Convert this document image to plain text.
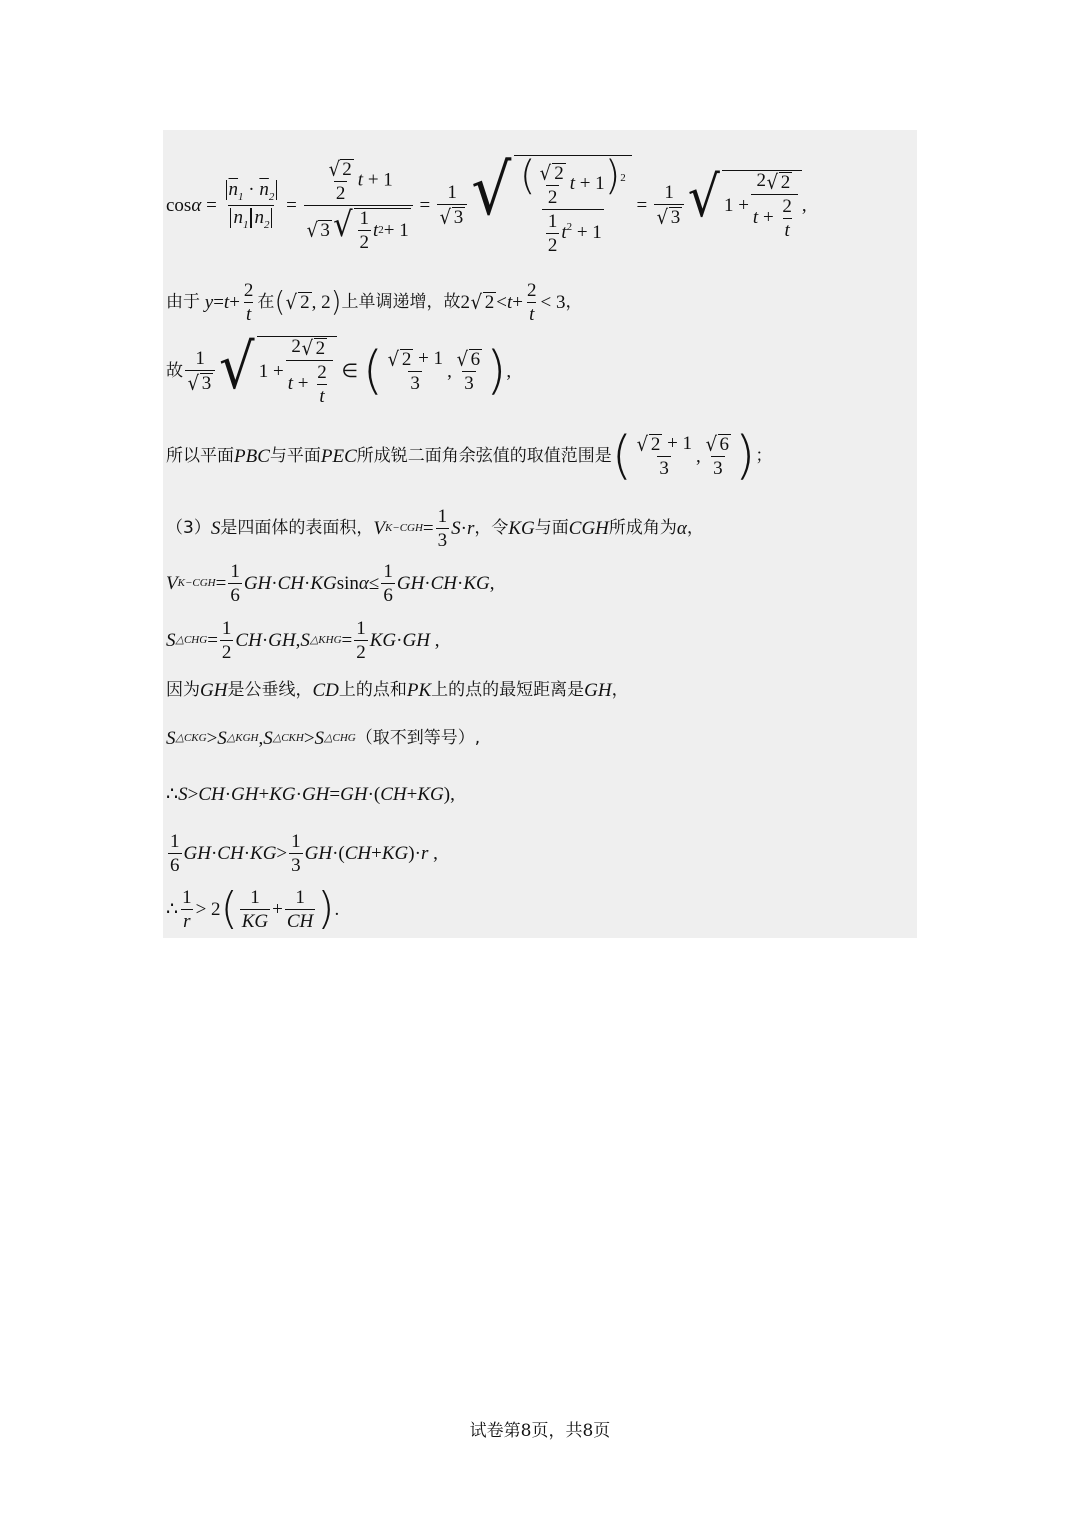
$\cos \alpha = \frac{\overline{n}_1 \cdot \overline{n}_2}{n_1 n_2} = \frac{\frac{√ 2}{2} t + 1}{√ 3 √ \frac{1}{2} t 2 + 1} = \frac{1}{√ 3}$ √ $\frac{( \frac{√ 2}{2} t + 1)^2}{\frac{1}{2} t^2 + 1} = \frac{1}{√ 3}$ √ $1 + \frac{2 √ 2}{t + \frac{2}{t}}$ ,
由于 $y = t + \frac{2}{t}$ 在 ( √ 2 , 2 ) 上单调递增，故 2 √ $2 < t + \frac{2}{t} < 3$ ，
故 $\frac{1}{√ 3}$ √ $1 + \frac{2 √ 2}{t + \frac{2}{t}}$ ∈ ( $\frac{√ 2 + 1}{3}$ , $\frac{√ 6}{3}$ ) ,
所以平面 PBC 与平面 PEC 所成锐二面角余弦值的取值范围是 ( $\frac{√ 2 + 1}{3}$ , $\frac{√ 6}{3}$ ) ；
（3） S 是四面体的表面积， V $K-CGH = \frac{1}{3}$ S · r ，令 KG 与面 CGH 所成角为 α ，
V $K-CGH = \frac{1}{6}$ GH · CH · KG $\sin \alpha \le \frac{1}{6}$ GH · CH · KG ,
S △CHG = $\frac{1}{2}$ CH · GH , S △KHG = $\frac{1}{2}$ KG · GH ,
因为 GH 是公垂线， CD 上的点和 PK 上的点的最短距离是 GH ，
S △CKG > S △KGH , S △CKH > S △CHG （取不到等号）,
∴ S > CH · GH + KG · GH = GH · ( CH + KG ),
$\frac{1}{6}$ GH · CH · KG > $\frac{1}{3}$ GH · ( CH + KG ) · r ,
∴ $\frac{1}{r} > 2$ ( $\frac{1}{KG} + \frac{1}{CH}$ ) .
试卷第8页，共8页
